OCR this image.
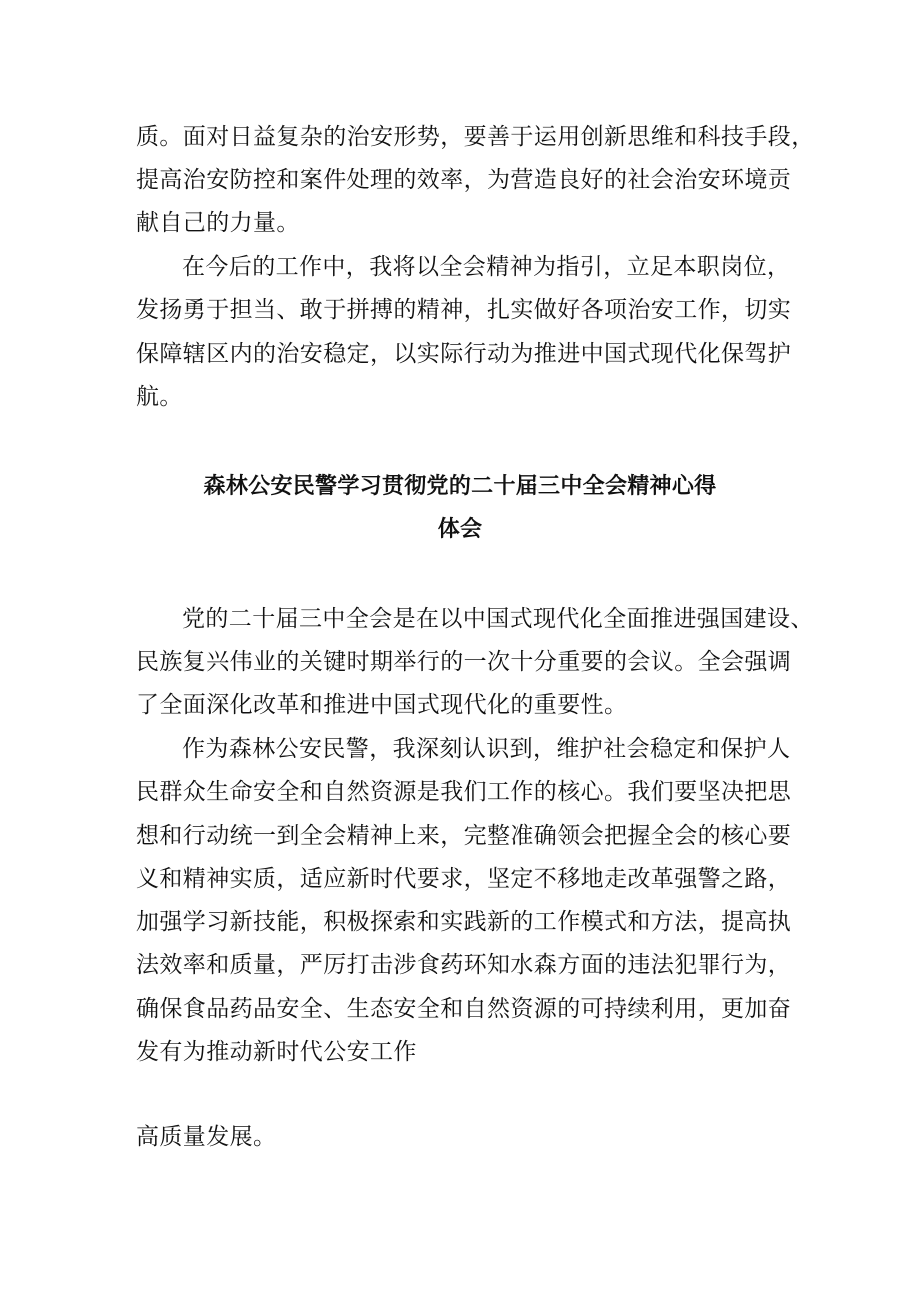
质。面对日益复杂的治安形势，要善于运用创新思维和科技手段，
提高治安防控和案件处理的效率，为营造良好的社会治安环境贡
献自己的力量。
在今后的工作中，我将以全会精神为指引，立足本职岗位，
发扬勇于担当、敢于拼搏的精神，扎实做好各项治安工作，切实
保障辖区内的治安稳定，以实际行动为推进中国式现代化保驾护
航。
森林公安民警学习贯彻党的二十届三中全会精神心得
体会
党的二十届三中全会是在以中国式现代化全面推进强国建设、
民族复兴伟业的关键时期举行的一次十分重要的会议。全会强调
了全面深化改革和推进中国式现代化的重要性。
作为森林公安民警，我深刻认识到，维护社会稳定和保护人
民群众生命安全和自然资源是我们工作的核心。我们要坚决把思
想和行动统一到全会精神上来，完整准确领会把握全会的核心要
义和精神实质，适应新时代要求，坚定不移地走改革强警之路，
加强学习新技能，积极探索和实践新的工作模式和方法，提高执
法效率和质量，严厉打击涉食药环知水森方面的违法犯罪行为，
确保食品药品安全、生态安全和自然资源的可持续利用，更加奋
发有为推动新时代公安工作
高质量发展。
